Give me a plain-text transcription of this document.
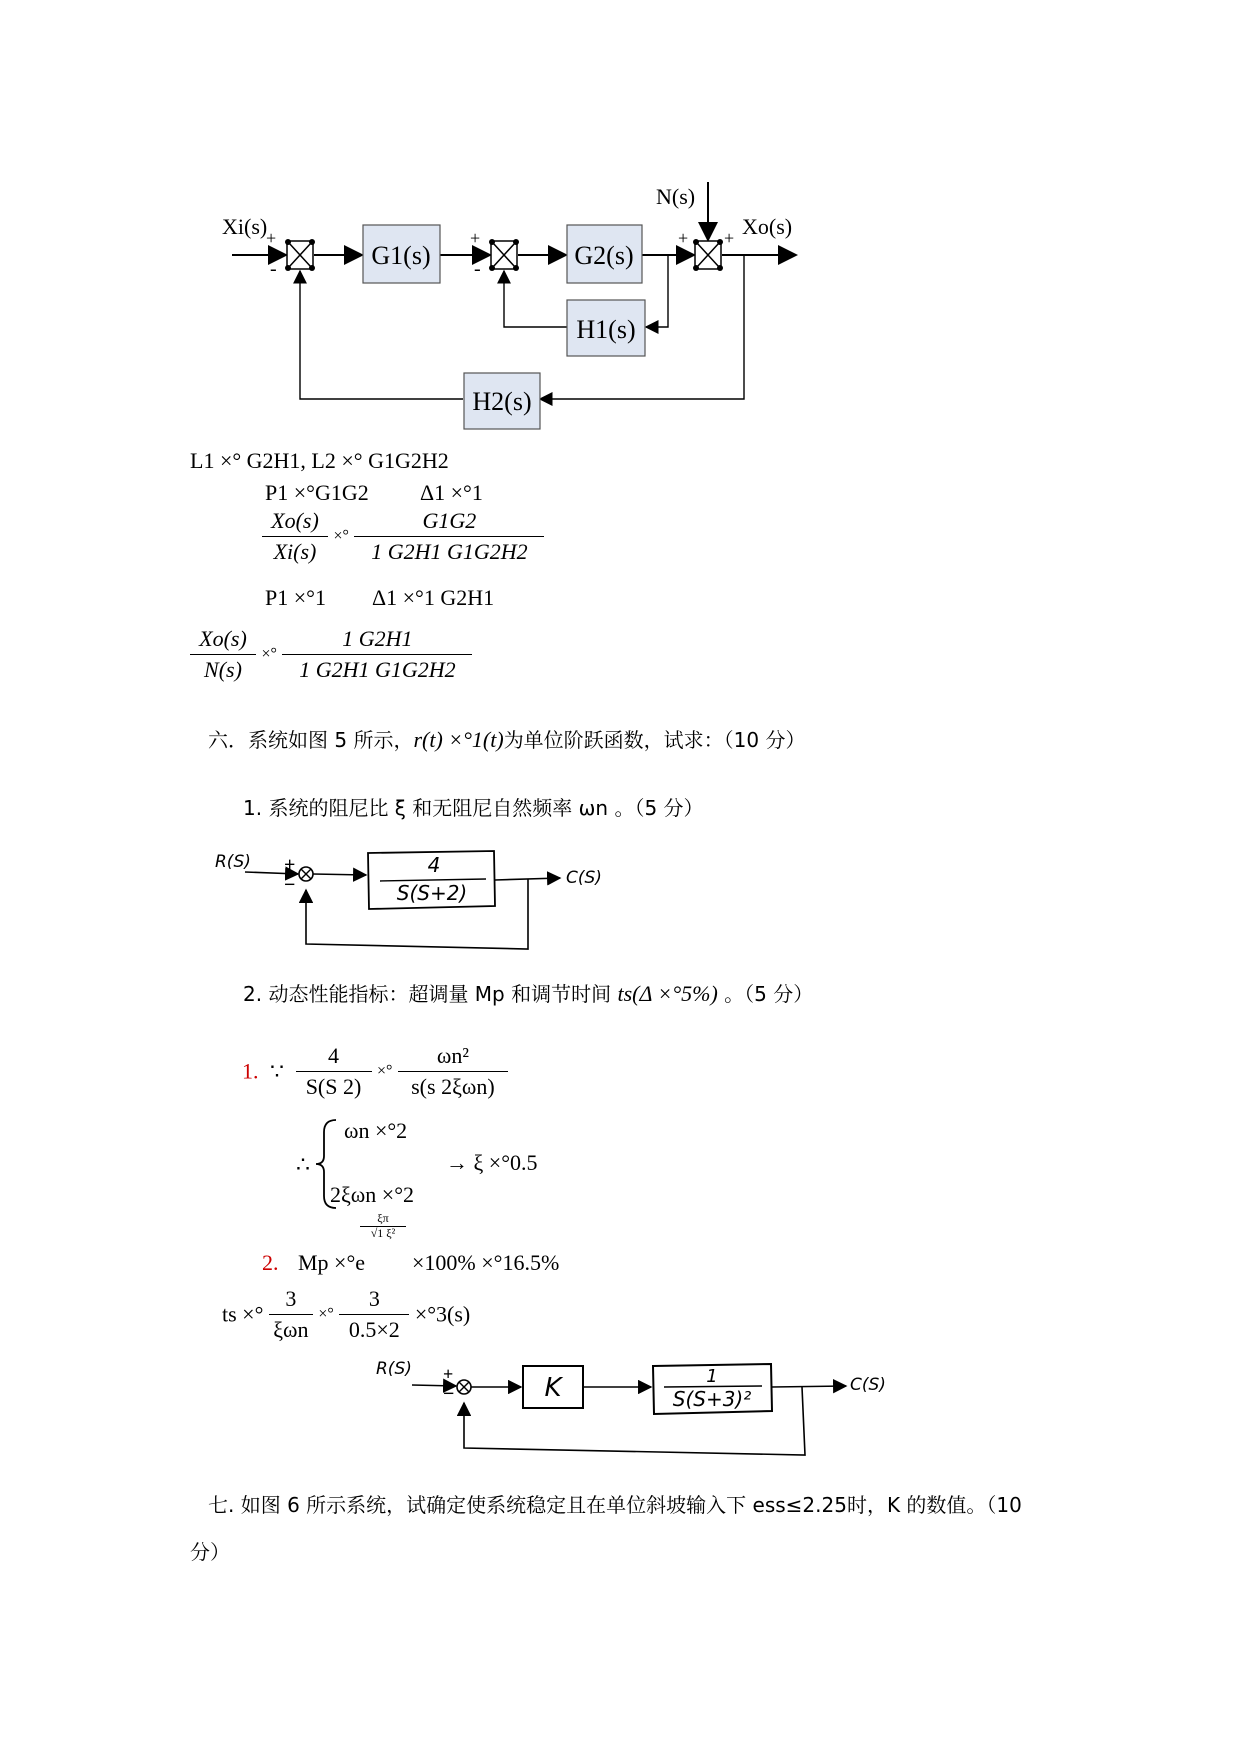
G1(s)	G2(s)
H1(s)
H2(s)
Xi(s)	Xo(s)
N(s)
+
-
+
-
+ +
L1 ×° G2H1, L2 ×° G1G2H2
P1 ×°G1G2 Δ1 ×°1
$\frac{Xo(s)}{Xi(s)}$ ×° $\frac{G1G2}{1 G2H1 G1G2H2}$
P1 ×°1 Δ1 ×°1 G2H1
$\frac{Xo(s)}{N(s)}$ ×° $\frac{1 G2H1}{1 G2H1 G1G2H2}$
六．系统如图 5 所示，r(t) ×°1(t)为单位阶跃函数，试求：（10 分）
1. 系统的阻尼比 ξ 和无阻尼自然频率 ωn 。（5 分）
R(S)
C(S)
+
−
4
S(S+2)
2. 动态性能指标：超调量 Mp 和调节时间 ts(Δ ×°5%) 。（5 分）
1. ∵ $\frac{4}{S(S 2)}$ ×° $\frac{\text{ωn²}}{\text{s(s 2ξωn)}}$
∴
ωn ×°2
2ξωn ×°2
→ ξ ×°0.5
2. Mp ×°e
$\frac{\xi\pi}{\text{√1 ξ²}}$
×100% ×°16.5%
ts ×° $\frac{3}{\text{ξωn}}$ ×° $\frac{3}{0.5\times 2} \times^\circ 3(s)$
R(S)
C(S)
+
−	K	1
S(S+3)²
七. 如图 6 所示系统，试确定使系统稳定且在单位斜坡输入下 ess≤2.25时，K 的数值。（10
分）
